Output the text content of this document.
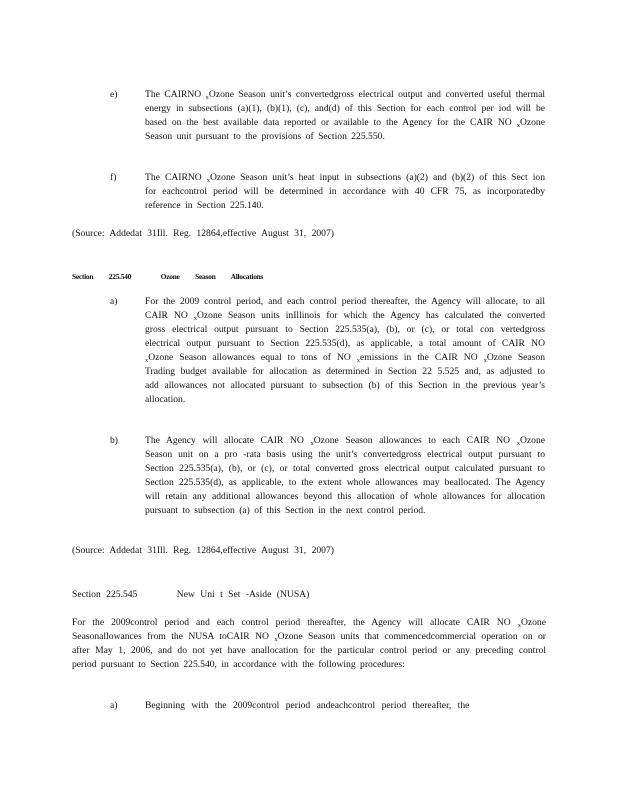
e)	The CAIRNO $_x$Ozone Season unit’s convertedgross electrical output and converted useful thermal energy in subsections (a)(1), (b)(1), (c), and(d) of this Section for each control per iod will be based on the best available data reported or available to the Agency for the CAIR NO $_x$Ozone Season unit pursuant to the provisions of Section 225.550.
f)	The CAIRNO $_x$Ozone Season unit’s heat input in subsections (a)(2) and (b)(2) of this Sect ion for eachcontrol period will be determined in accordance with 40 CFR 75, as incorporatedby reference in Section 225.140.
(Source: Addedat 31Ill. Reg. 12864,effective August 31, 2007)
Section 225.540	Ozone Season Allocations
a)	For the 2009 control period, and each control period thereafter, the Agency will allocate, to all CAIR NO $_x$Ozone Season units inIllinois for which the Agency has calculated the converted gross electrical output pursuant to Section 225.535(a), (b), or (c), or total con vertedgross electrical output pursuant to Section 225.535(d), as applicable, a total amount of CAIR NO $_x$Ozone Season allowances equal to tons of NO $_x$emissions in the CAIR NO $_x$Ozone Season Trading budget available for allocation as determined in Section 22 5.525 and, as adjusted to add allowances not allocated pursuant to subsection (b) of this Section in the previous year’s allocation.
b)	The Agency will allocate CAIR NO $_x$Ozone Season allowances to each CAIR NO $_x$Ozone Season unit on a pro -rata basis using the unit’s convertedgross electrical output pursuant to Section 225.535(a), (b), or (c), or total converted gross electrical output calculated pursuant to Section 225.535(d), as applicable, to the extent whole allowances may beallocated. The Agency will retain any additional allowances beyond this allocation of whole allowances for allocation pursuant to subsection (a) of this Section in the next control period.
(Source: Addedat 31Ill. Reg. 12864,effective August 31, 2007)
Section 225.545	New Uni t Set -Aside (NUSA)
For the 2009control period and each control period thereafter, the Agency will allocate CAIR NO $_x$Ozone Seasonallowances from the NUSA toCAIR NO $_x$Ozone Season units that commencedcommercial operation on or after May 1, 2006, and do not yet have anallocation for the particular control period or any preceding control period pursuant to Section 225.540, in accordance with the following procedures:
a)	Beginning with the 2009control period andeachcontrol period thereafter, the
